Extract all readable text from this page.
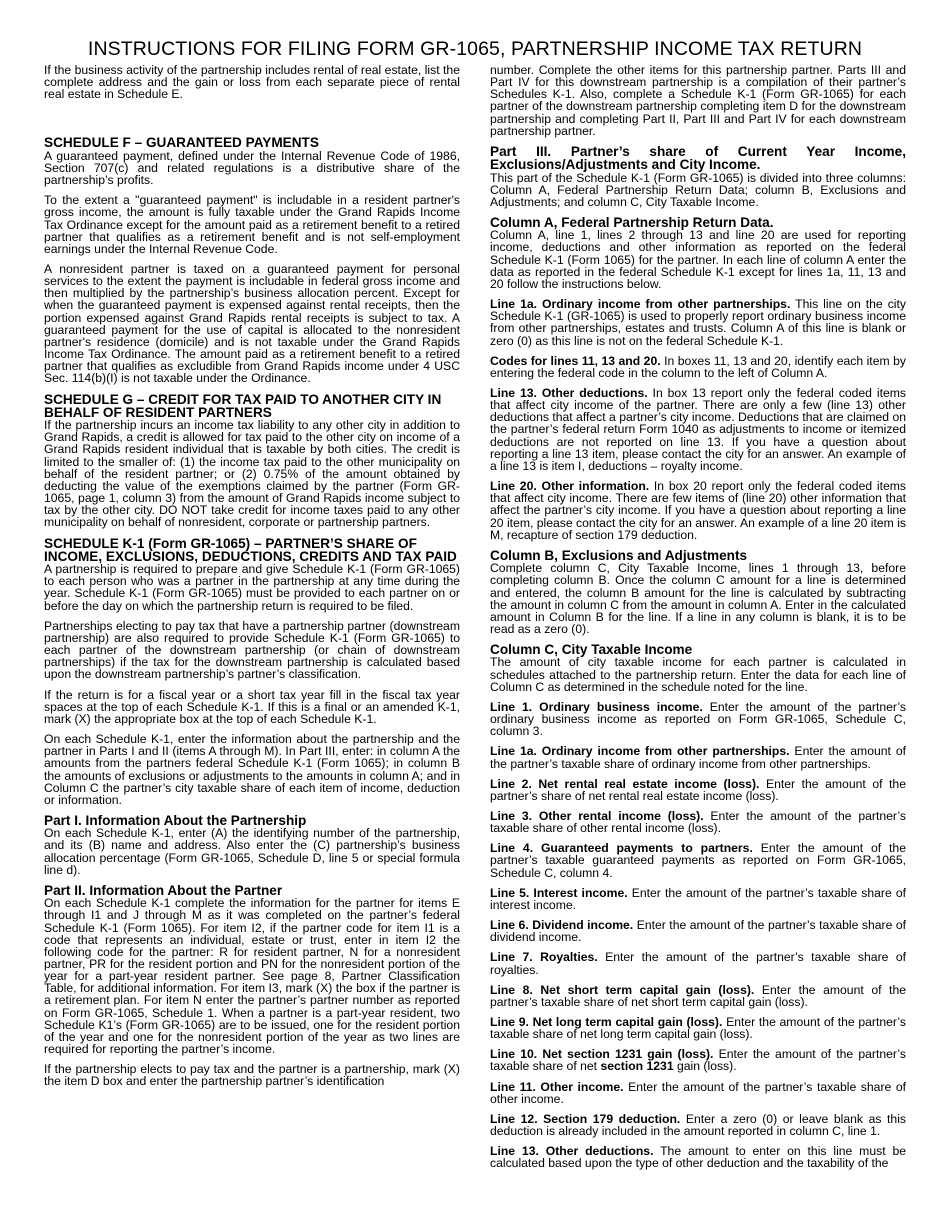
INSTRUCTIONS FOR FILING FORM GR-1065, PARTNERSHIP INCOME TAX RETURN

If the business activity of the partnership includes rental of real estate, list the complete address and the gain or loss from each separate piece of rental real estate in Schedule E.

SCHEDULE F – GUARANTEED PAYMENTS

A guaranteed payment, defined under the Internal Revenue Code of 1986, Section 707(c) and related regulations is a distributive share of the partnership’s profits.

To the extent a "guaranteed payment" is includable in a resident partner's gross income, the amount is fully taxable under the Grand Rapids Income Tax Ordinance except for the amount paid as a retirement benefit to a retired partner that qualifies as a retirement benefit and is not self-employment earnings under the Internal Revenue Code.

A nonresident partner is taxed on a guaranteed payment for personal services to the extent the payment is includable in federal gross income and then multiplied by the partnership’s business allocation percent. Except for when the guaranteed payment is expensed against rental receipts, then the portion expensed against Grand Rapids rental receipts is subject to tax. A guaranteed payment for the use of capital is allocated to the nonresident partner's residence (domicile) and is not taxable under the Grand Rapids Income Tax Ordinance. The amount paid as a retirement benefit to a retired partner that qualifies as excludible from Grand Rapids income under 4 USC Sec. 114(b)(I) is not taxable under the Ordinance.

SCHEDULE G – CREDIT FOR TAX PAID TO ANOTHER CITY IN BEHALF OF RESIDENT PARTNERS

If the partnership incurs an income tax liability to any other city in addition to Grand Rapids, a credit is allowed for tax paid to the other city on income of a Grand Rapids resident individual that is taxable by both cities. The credit is limited to the smaller of: (1) the income tax paid to the other municipality on behalf of the resident partner; or (2) 0.75% of the amount obtained by deducting the value of the exemptions claimed by the partner (Form GR-1065, page 1, column 3) from the amount of Grand Rapids income subject to tax by the other city. DO NOT take credit for income taxes paid to any other municipality on behalf of nonresident, corporate or partnership partners.

SCHEDULE K-1 (Form GR-1065) – PARTNER’S SHARE OF INCOME, EXCLUSIONS, DEDUCTIONS, CREDITS AND TAX PAID

A partnership is required to prepare and give Schedule K-1 (Form GR-1065) to each person who was a partner in the partnership at any time during the year. Schedule K-1 (Form GR-1065) must be provided to each partner on or before the day on which the partnership return is required to be filed.

Partnerships electing to pay tax that have a partnership partner (downstream partnership) are also required to provide Schedule K-1 (Form GR-1065) to each partner of the downstream partnership (or chain of downstream partnerships) if the tax for the downstream partnership is calculated based upon the downstream partnership’s partner’s classification.

If the return is for a fiscal year or a short tax year fill in the fiscal tax year spaces at the top of each Schedule K-1. If this is a final or an amended K-1, mark (X) the appropriate box at the top of each Schedule K-1.

On each Schedule K-1, enter the information about the partnership and the partner in Parts I and II (items A through M). In Part III, enter: in column A the amounts from the partners federal Schedule K-1 (Form 1065); in column B the amounts of exclusions or adjustments to the amounts in column A; and in Column C the partner’s city taxable share of each item of income, deduction or information.

Part I. Information About the Partnership

On each Schedule K-1, enter (A) the identifying number of the partnership, and its (B) name and address. Also enter the (C) partnership’s business allocation percentage (Form GR-1065, Schedule D, line 5 or special formula line d).

Part II. Information About the Partner

On each Schedule K-1 complete the information for the partner for items E through I1 and J through M as it was completed on the partner’s federal Schedule K-1 (Form 1065). For item I2, if the partner code for item I1 is a code that represents an individual, estate or trust, enter in item I2 the following code for the partner: R for resident partner, N for a nonresident partner, PR for the resident portion and PN for the nonresident portion of the year for a part-year resident partner. See page 8, Partner Classification Table, for additional information. For item I3, mark (X) the box if the partner is a retirement plan. For item N enter the partner’s partner number as reported on Form GR-1065, Schedule 1. When a partner is a part-year resident, two Schedule K1’s (Form GR-1065) are to be issued, one for the resident portion of the year and one for the nonresident portion of the year as two lines are required for reporting the partner’s income.

If the partnership elects to pay tax and the partner is a partnership, mark (X) the item D box and enter the partnership partner’s identification

number. Complete the other items for this partnership partner. Parts III and Part IV for this downstream partnership is a compilation of their partner’s Schedules K-1. Also, complete a Schedule K-1 (Form GR-1065) for each partner of the downstream partnership completing item D for the downstream partnership and completing Part II, Part III and Part IV for each downstream partnership partner.

Part III. Partner’s share of Current Year Income, Exclusions/Adjustments and City Income.

This part of the Schedule K-1 (Form GR-1065) is divided into three columns: Column A, Federal Partnership Return Data; column B, Exclusions and Adjustments; and column C, City Taxable Income.

Column A, Federal Partnership Return Data.

Column A, line 1, lines 2 through 13 and line 20 are used for reporting income, deductions and other information as reported on the federal Schedule K-1 (Form 1065) for the partner. In each line of column A enter the data as reported in the federal Schedule K-1 except for lines 1a, 11, 13 and 20 follow the instructions below.

Line 1a. Ordinary income from other partnerships. This line on the city Schedule K-1 (GR-1065) is used to properly report ordinary business income from other partnerships, estates and trusts. Column A of this line is blank or zero (0) as this line is not on the federal Schedule K-1.

Codes for lines 11, 13 and 20. In boxes 11, 13 and 20, identify each item by entering the federal code in the column to the left of Column A.

Line 13. Other deductions. In box 13 report only the federal coded items that affect city income of the partner. There are only a few (line 13) other deductions that affect a partner’s city income. Deductions that are claimed on the partner’s federal return Form 1040 as adjustments to income or itemized deductions are not reported on line 13. If you have a question about reporting a line 13 item, please contact the city for an answer. An example of a line 13 is item I, deductions – royalty income.

Line 20. Other information. In box 20 report only the federal coded items that affect city income. There are few items of (line 20) other information that affect the partner’s city income. If you have a question about reporting a line 20 item, please contact the city for an answer. An example of a line 20 item is M, recapture of section 179 deduction.

Column B, Exclusions and Adjustments

Complete column C, City Taxable Income, lines 1 through 13, before completing column B. Once the column C amount for a line is determined and entered, the column B amount for the line is calculated by subtracting the amount in column C from the amount in column A. Enter in the calculated amount in Column B for the line. If a line in any column is blank, it is to be read as a zero (0).

Column C, City Taxable Income

The amount of city taxable income for each partner is calculated in schedules attached to the partnership return. Enter the data for each line of Column C as determined in the schedule noted for the line.

Line 1. Ordinary business income. Enter the amount of the partner’s ordinary business income as reported on Form GR-1065, Schedule C, column 3.

Line 1a. Ordinary income from other partnerships. Enter the amount of the partner’s taxable share of ordinary income from other partnerships.

Line 2. Net rental real estate income (loss). Enter the amount of the partner’s share of net rental real estate income (loss).

Line 3. Other rental income (loss). Enter the amount of the partner’s taxable share of other rental income (loss).

Line 4. Guaranteed payments to partners. Enter the amount of the partner’s taxable guaranteed payments as reported on Form GR-1065, Schedule C, column 4.

Line 5. Interest income. Enter the amount of the partner’s taxable share of interest income.

Line 6. Dividend income. Enter the amount of the partner’s taxable share of dividend income.

Line 7. Royalties. Enter the amount of the partner’s taxable share of royalties.

Line 8. Net short term capital gain (loss). Enter the amount of the partner’s taxable share of net short term capital gain (loss).

Line 9. Net long term capital gain (loss). Enter the amount of the partner’s taxable share of net long term capital gain (loss).

Line 10. Net section 1231 gain (loss). Enter the amount of the partner’s taxable share of net section 1231 gain (loss).

Line 11. Other income. Enter the amount of the partner’s taxable share of other income.

Line 12. Section 179 deduction. Enter a zero (0) or leave blank as this deduction is already included in the amount reported in column C, line 1.

Line 13. Other deductions. The amount to enter on this line must be calculated based upon the type of other deduction and the taxability of the
